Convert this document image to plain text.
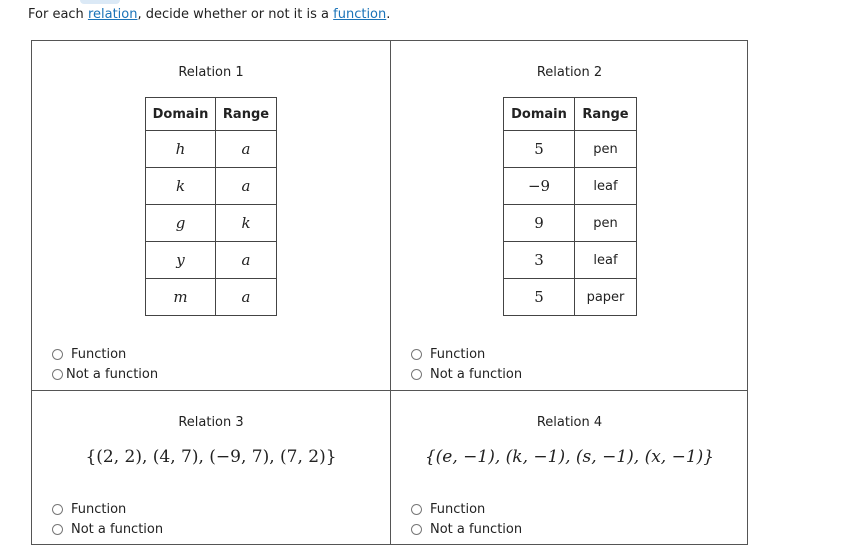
For each relation, decide whether or not it is a function.
Relation 1
Domain	Range
h	a
k	a
g	k
y	a
m	a
Function
Not a function
Relation 2
Domain	Range
5	pen
−9	leaf
9	pen
3	leaf
5	paper
Function
Not a function
Relation 3
{(2, 2), (4, 7), (−9, 7), (7, 2)}
Function
Not a function
Relation 4
{(e, −1), (k, −1), (s, −1), (x, −1)}
Function
Not a function
